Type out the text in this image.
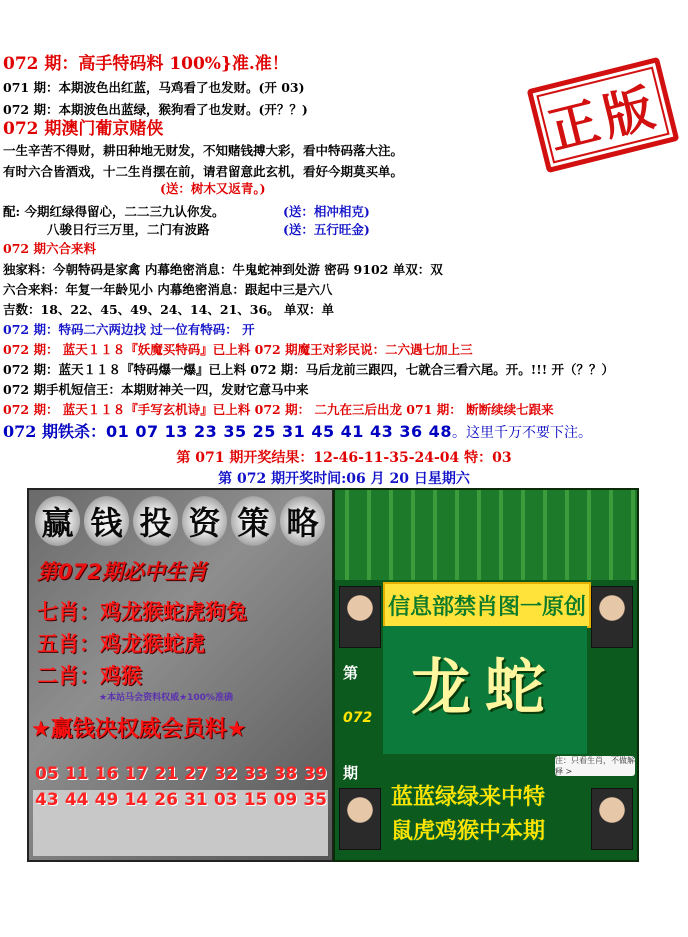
072 期：高手特码料 100%}准.准！
071 期：本期波色出红蓝，马鸡看了也发财。(开 03)
072 期：本期波色出蓝绿，猴狗看了也发财。(开？？)
072 期澳门葡京赌侠
一生辛苦不得财，耕田种地无财发，不知赌钱搏大彩，看中特码落大注。
有时六合皆酒戏，十二生肖摆在前，请君留意此玄机，看好今期莫买单。
(送：树木又返青。)
配: 今期红绿得留心，二二三九认你发。	(送：相冲相克)
八骏日行三万里，二门有波路	(送：五行旺金)
072 期六合来料
独家料：今朝特码是家禽 内幕绝密消息：牛鬼蛇神到处游 密码 9102 单双：双
六合来料：年复一年龄见小 内幕绝密消息：跟起中三是六八
吉数：18、22、45、49、24、14、21、36。 单双：单
072 期：特码二六两边找 过一位有特码： 开
072 期： 蓝天１１８『妖魔买特码』已上料 072 期魔王对彩民说：二六遇七加上三
072 期：蓝天１１８『特码爆一爆』已上料 072 期：马后龙前三跟四，七就合三看六尾。开。!!! 开（？？）
072 期手机短信王：本期财神关一四，发财它意马中来
072 期： 蓝天１１８『手写玄机诗』已上料 072 期： 二九在三后出龙 071 期： 断断续续七跟来
072 期铁杀：01 07 13 23 35 25 31 45 41 43 36 48。这里千万不要下注。
第 071 期开奖结果：12-46-11-35-24-04 特：03
第 072 期开奖时间:06 月 20 日星期六
正版
赢 钱 投 资 策 略
第072期必中生肖
七肖：鸡龙猴蛇虎狗兔
五肖：鸡龙猴蛇虎
二肖：鸡猴
★本站马会资料权威★100%准确
★赢钱决权威会员料★
05 11 16 17 21 27 32 33 38 39
43 44 49 14 26 31 03 15 09 35
信息部禁肖图一原创
龙蛇
第
072
期
注：只看生肖，不做解释 >
蓝蓝绿绿来中特
鼠虎鸡猴中本期
